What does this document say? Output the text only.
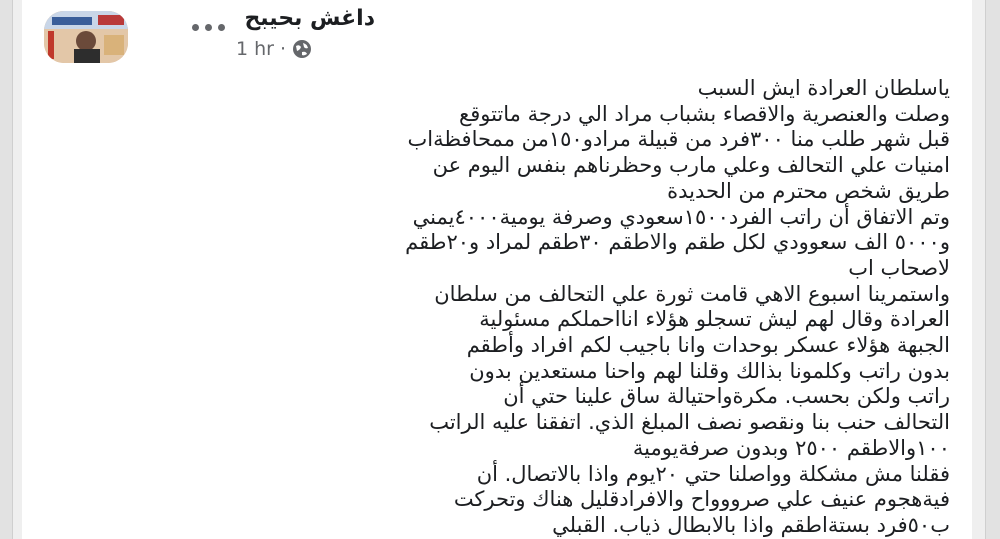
داغش بحيبح
1 hr ·

ياسلطان العرادة ايش السبب

وصلت والعنصرية والاقصاء بشباب مراد الي درجة ماتتوقع

قبل شهر طلب منا ٣٠٠فرد من قبيلة مرادو١٥٠من ممحافظةاب

امنيات علي التحالف وعلي مارب وحظرناهم بنفس اليوم عن

طريق شخص محترم من الحديدة

وتم الاتفاق أن راتب الفرد١٥٠٠سعودي وصرفة يومية٤٠٠٠يمني

و٥٠٠٠ الف سعوودي لكل طقم والاطقم ٣٠طقم لمراد و٢٠طقم

لاصحاب اب

واستمرينا اسبوع الاهي قامت ثورة علي التحالف من سلطان

العرادة وقال لهم ليش تسجلو هؤلاء انااحملكم مسئولية

الجبهة هؤلاء عسكر بوحدات وانا باجيب لكم افراد وأطقم

بدون راتب وكلمونا بذالك وقلنا لهم واحنا مستعدين بدون

راتب ولكن بحسب. مكرةواحتيالة ساق علينا حتي أن

التحالف حنب بنا ونقصو نصف المبلغ الذي. اتفقنا عليه الراتب

١٠٠والاطقم ٢٥٠٠ وبدون صرفةيومية

فقلنا مش مشكلة وواصلنا حتي ٢٠يوم واذا بالاتصال. أن

فيةهجوم عنيف علي صرووواح والافرادقليل هناك وتحركت

ب٥٠فرد بستةاطقم واذا بالابطال ذياب. القبلي
